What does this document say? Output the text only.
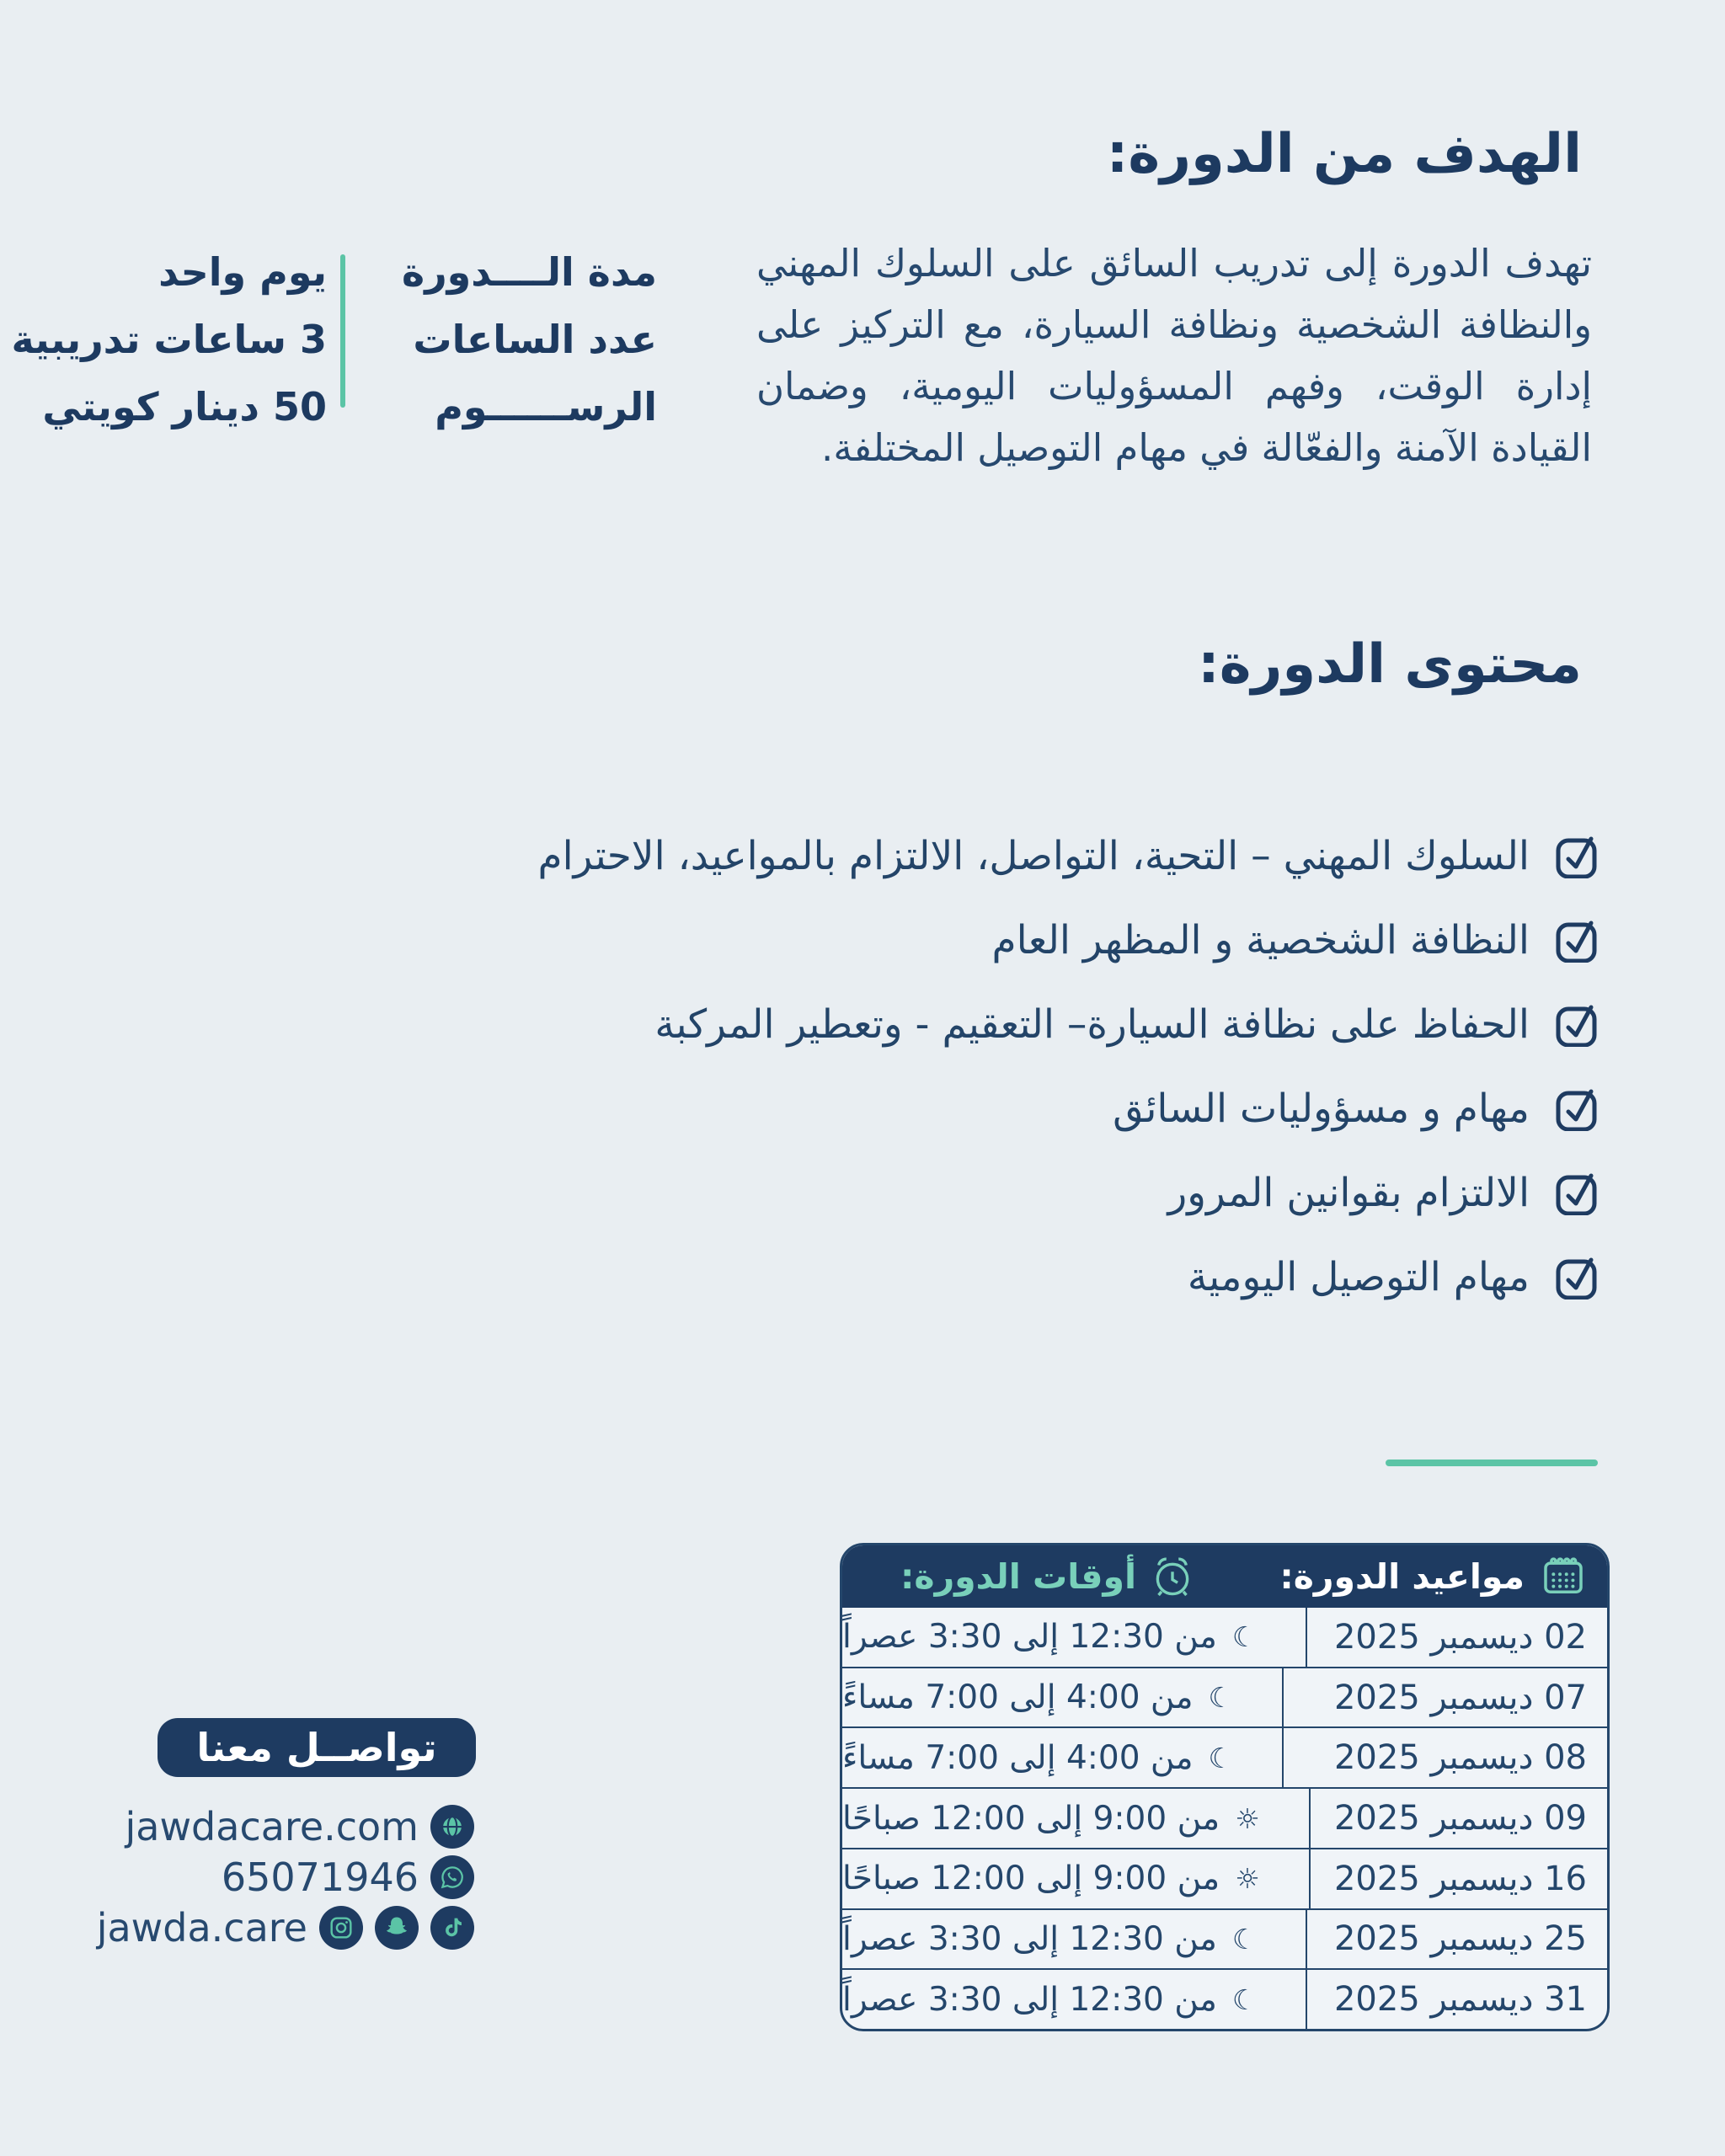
الهدف من الدورة:
تهدف الدورة إلى تدريب السائق على السلوك المهني والنظافة الشخصية ونظافة السيارة، مع التركيز على إدارة الوقت، وفهم المسؤوليات اليومية، وضمان القيادة الآمنة والفعّالة في مهام التوصيل المختلفة.
مدة الــــدورة
عدد الساعات
الرســــــوم
يوم واحد
3 ساعات تدريبية
50 دينار كويتي
محتوى الدورة:
السلوك المهني – التحية، التواصل، الالتزام بالمواعيد، الاحترام
النظافة الشخصية و المظهر العام
الحفاظ على نظافة السيارة– التعقيم - وتعطير المركبة
مهام و مسؤوليات السائق
الالتزام بقوانين المرور
مهام التوصيل اليومية
مواعيد الدورة:
أوقات الدورة:
02 ديسمبر 2025
☾
من 12:30 إلى 3:30 عصراً
07 ديسمبر 2025
☾
من 4:00 إلى 7:00 مساءً
08 ديسمبر 2025
☾
من 4:00 إلى 7:00 مساءً
09 ديسمبر 2025
☼
من 9:00 إلى 12:00 صباحًا
16 ديسمبر 2025
☼
من 9:00 إلى 12:00 صباحًا
25 ديسمبر 2025
☾
من 12:30 إلى 3:30 عصراً
31 ديسمبر 2025
☾
من 12:30 إلى 3:30 عصراً
تواصــل معنا
jawdacare.com
65071946
jawda.care
